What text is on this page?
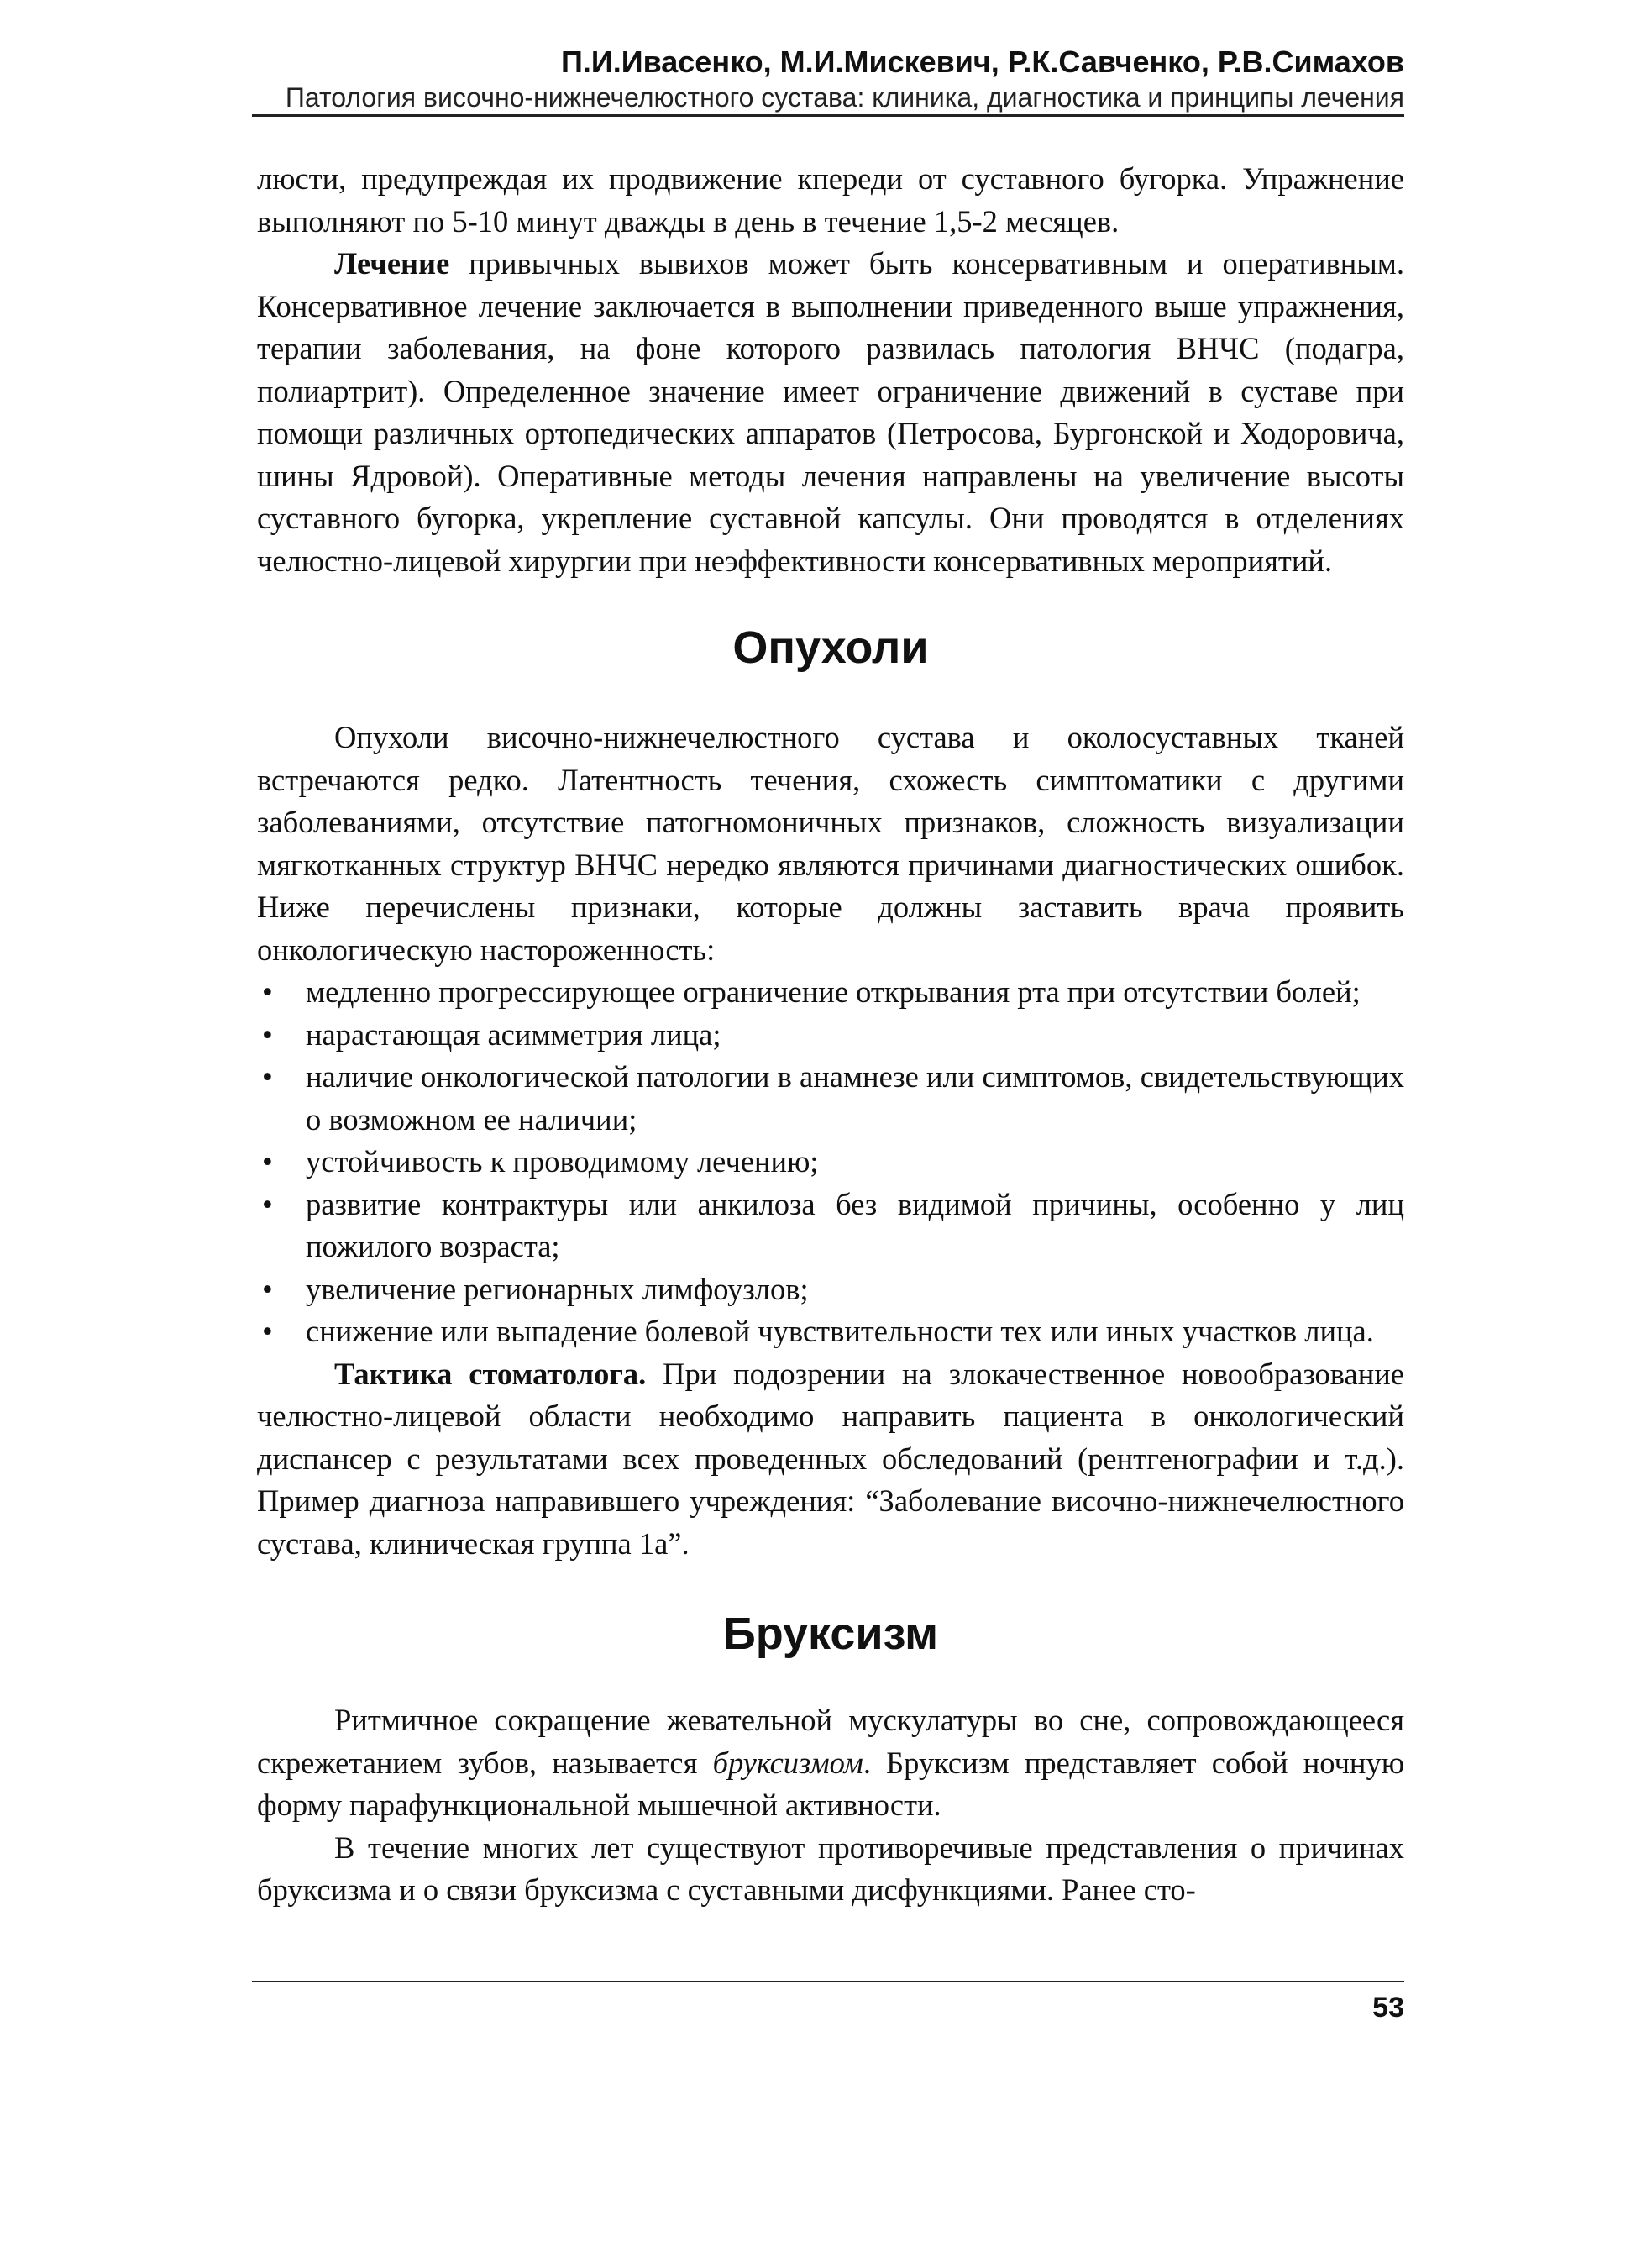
П.И.Ивасенко, М.И.Мискевич, Р.К.Савченко, Р.В.Симахов
Патология височно-нижнечелюстного сустава: клиника, диагностика и принципы лечения

люсти, предупреждая их продвижение кпереди от суставного бугорка. Упражнение выполняют по 5-10 минут дважды в день в течение 1,5-2 месяцев.

Лечение привычных вывихов может быть консервативным и оперативным. Консервативное лечение заключается в выполнении приведенного выше упражнения, терапии заболевания, на фоне которого развилась патология ВНЧС (подагра, полиартрит). Определенное значение имеет ограничение движений в суставе при помощи различных ортопедических аппаратов (Петросова, Бургонской и Ходоровича, шины Ядровой). Оперативные методы лечения направлены на увеличение высоты суставного бугорка, укрепление суставной капсулы. Они проводятся в отделениях челюстно-лицевой хирургии при неэффективности консервативных мероприятий.

Опухоли

Опухоли височно-нижнечелюстного сустава и околосуставных тканей встречаются редко. Латентность течения, схожесть симптоматики с другими заболеваниями, отсутствие патогномоничных признаков, сложность визуализации мягкотканных структур ВНЧС нередко являются причинами диагностических ошибок. Ниже перечислены признаки, которые должны заставить врача проявить онкологическую настороженность:

• медленно прогрессирующее ограничение открывания рта при отсутствии болей;
• нарастающая асимметрия лица;
• наличие онкологической патологии в анамнезе или симптомов, свидетельствующих о возможном ее наличии;
• устойчивость к проводимому лечению;
• развитие контрактуры или анкилоза без видимой причины, особенно у лиц пожилого возраста;
• увеличение регионарных лимфоузлов;
• снижение или выпадение болевой чувствительности тех или иных участков лица.

Тактика стоматолога. При подозрении на злокачественное новообразование челюстно-лицевой области необходимо направить пациента в онкологический диспансер с результатами всех проведенных обследований (рентгенографии и т.д.). Пример диагноза направившего учреждения: “Заболевание височно-нижнечелюстного сустава, клиническая группа 1а”.

Бруксизм

Ритмичное сокращение жевательной мускулатуры во сне, сопровождающееся скрежетанием зубов, называется бруксизмом. Бруксизм представляет собой ночную форму парафункциональной мышечной активности.

В течение многих лет существуют противоречивые представления о причинах бруксизма и о связи бруксизма с суставными дисфункциями. Ранее сто-

53
